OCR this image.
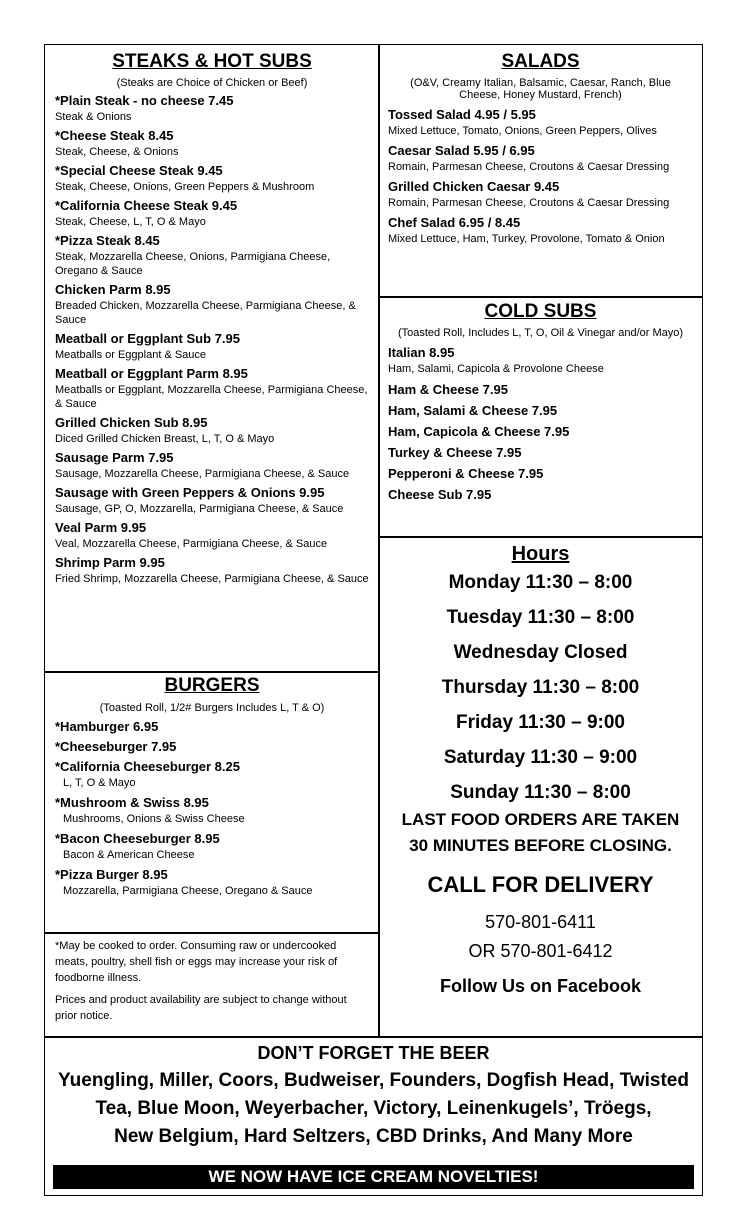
STEAKS & HOT SUBS
(Steaks are Choice of Chicken or Beef)
*Plain Steak - no cheese 7.45
Steak & Onions
*Cheese Steak 8.45
Steak, Cheese, & Onions
*Special Cheese Steak 9.45
Steak, Cheese, Onions, Green Peppers & Mushroom
*California Cheese Steak 9.45
Steak, Cheese, L, T, O & Mayo
*Pizza Steak 8.45
Steak, Mozzarella Cheese, Onions, Parmigiana Cheese, Oregano & Sauce
Chicken Parm 8.95
Breaded Chicken, Mozzarella Cheese, Parmigiana Cheese, & Sauce
Meatball or Eggplant Sub 7.95
Meatballs or Eggplant & Sauce
Meatball or Eggplant Parm 8.95
Meatballs or Eggplant, Mozzarella Cheese, Parmigiana Cheese, & Sauce
Grilled Chicken Sub 8.95
Diced Grilled Chicken Breast, L, T, O & Mayo
Sausage Parm 7.95
Sausage, Mozzarella Cheese, Parmigiana Cheese, & Sauce
Sausage with Green Peppers & Onions 9.95
Sausage, GP, O, Mozzarella, Parmigiana Cheese, & Sauce
Veal Parm 9.95
Veal, Mozzarella Cheese, Parmigiana Cheese, & Sauce
Shrimp Parm 9.95
Fried Shrimp, Mozzarella Cheese, Parmigiana Cheese, & Sauce
SALADS
(O&V, Creamy Italian, Balsamic, Caesar, Ranch, Blue Cheese, Honey Mustard, French)
Tossed Salad 4.95 / 5.95
Mixed Lettuce, Tomato, Onions, Green Peppers, Olives
Caesar Salad 5.95 / 6.95
Romain, Parmesan Cheese, Croutons & Caesar Dressing
Grilled Chicken Caesar 9.45
Romain, Parmesan Cheese, Croutons & Caesar Dressing
Chef Salad 6.95 / 8.45
Mixed Lettuce, Ham, Turkey, Provolone, Tomato & Onion
COLD SUBS
(Toasted Roll, Includes L, T, O, Oil & Vinegar and/or Mayo)
Italian 8.95
Ham, Salami, Capicola & Provolone Cheese
Ham & Cheese 7.95
Ham, Salami & Cheese 7.95
Ham, Capicola & Cheese 7.95
Turkey & Cheese 7.95
Pepperoni & Cheese 7.95
Cheese Sub 7.95
Hours
Monday 11:30 – 8:00
Tuesday 11:30 – 8:00
Wednesday Closed
Thursday 11:30 – 8:00
Friday 11:30 – 9:00
Saturday 11:30 – 9:00
Sunday 11:30 – 8:00
LAST FOOD ORDERS ARE TAKEN
30 MINUTES BEFORE CLOSING.
CALL FOR DELIVERY
570-801-6411
OR 570-801-6412
Follow Us on Facebook
BURGERS
(Toasted Roll, 1/2# Burgers Includes L, T & O)
*Hamburger 6.95
*Cheeseburger 7.95
*California Cheeseburger 8.25
L, T, O & Mayo
*Mushroom & Swiss 8.95
Mushrooms, Onions & Swiss Cheese
*Bacon Cheeseburger 8.95
Bacon & American Cheese
*Pizza Burger 8.95
Mozzarella, Parmigiana Cheese, Oregano & Sauce
*May be cooked to order. Consuming raw or undercooked meats, poultry, shell fish or eggs may increase your risk of foodborne illness.
Prices and product availability are subject to change without prior notice.
DON’T FORGET THE BEER
Yuengling, Miller, Coors, Budweiser, Founders, Dogfish Head, Twisted
Tea, Blue Moon, Weyerbacher, Victory, Leinenkugels’, Tröegs,
New Belgium, Hard Seltzers, CBD Drinks, And Many More
WE NOW HAVE ICE CREAM NOVELTIES!
